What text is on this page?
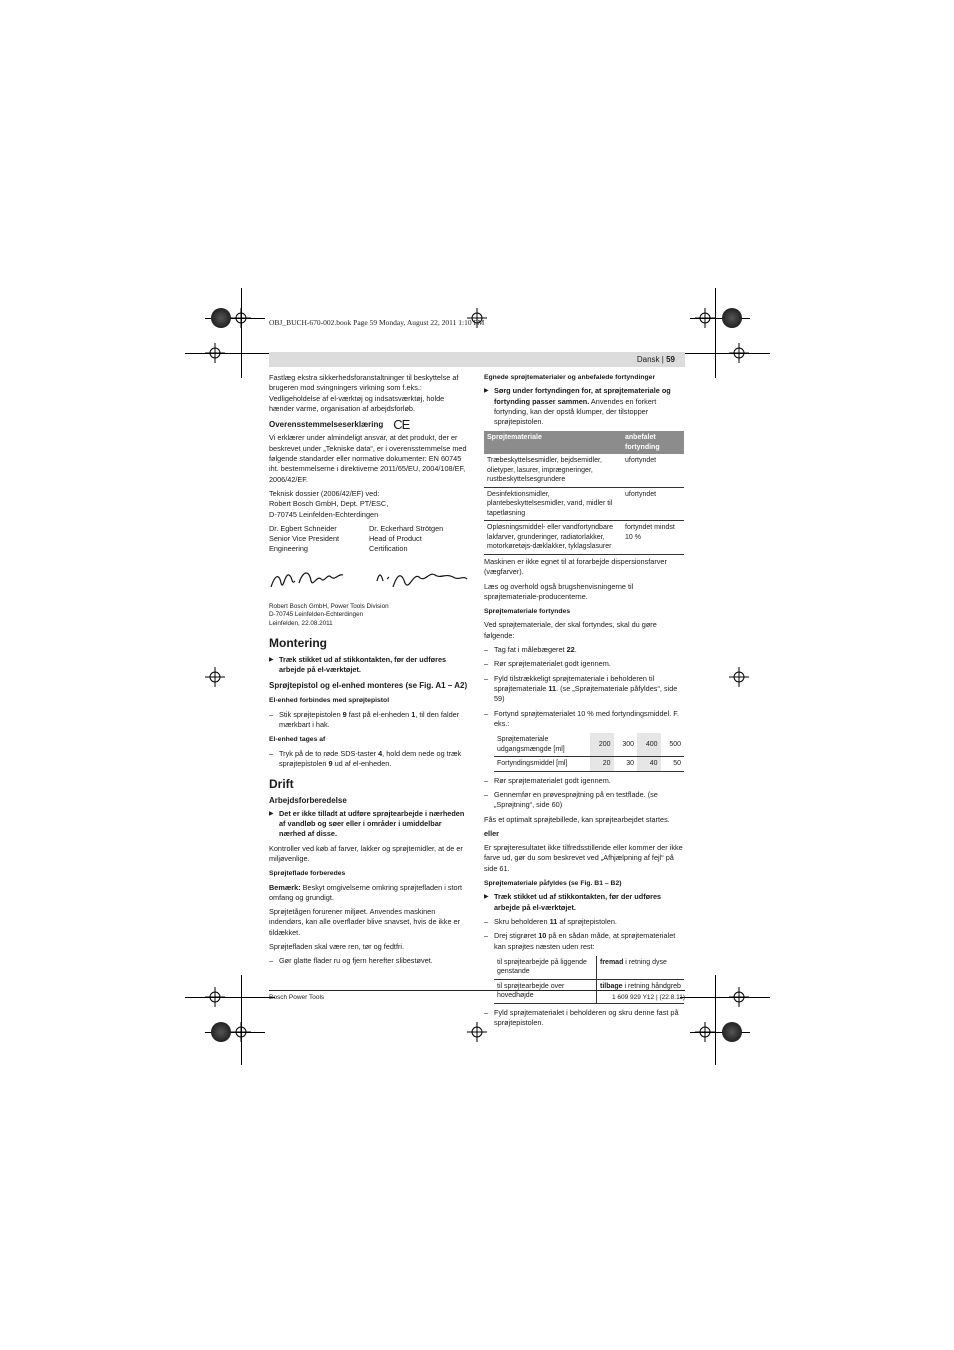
OBJ_BUCH-670-002.book Page 59 Monday, August 22, 2011 1:10 PM
Dansk | 59

Fastlæg ekstra sikkerhedsforanstaltninger til beskyttelse af brugeren mod svingningers virkning som f.eks.: Vedligeholdelse af el-værktøj og indsatsværktøj, holde hænder varme, organisation af arbejdsforløb.

Overensstemmelseserklæring CE

Vi erklærer under almindeligt ansvar, at det produkt, der er beskrevet under „Tekniske data“, er i overensstemmelse med følgende standarder eller normative dokumenter: EN 60745 iht. bestemmelserne i direktiverne 2011/65/EU, 2004/108/EF, 2006/42/EF.

Teknisk dossier (2006/42/EF) ved:
Robert Bosch GmbH, Dept. PT/ESC,
D-70745 Leinfelden-Echterdingen
Dr. Egbert Schneider	Dr. Eckerhard Strötgen
Senior Vice President	Head of Product
Engineering	Certification
Robert Bosch GmbH, Power Tools Division
D-70745 Leinfelden-Echterdingen
Leinfelden, 22.08.2011
Montering

▶ Træk stikket ud af stikkontakten, før der udføres arbejde på el-værktøjet.

Sprøjtepistol og el-enhed monteres (se Fig. A1 – A2)
El-enhed forbindes med sprøjtepistol

– Stik sprøjtepistolen 9 fast på el-enheden 1, til den falder mærkbart i hak.

El-enhed tages af

– Tryk på de to røde SDS-taster 4, hold dem nede og træk sprøjtepistolen 9 ud af el-enheden.

Drift
Arbejdsforberedelse

▶ Det er ikke tilladt at udføre sprøjtearbejde i nærheden af vandløb og søer eller i områder i umiddelbar nærhed af disse.

Kontroller ved køb af farver, lakker og sprøjtemidler, at de er miljøvenlige.

Sprøjteflade forberedes

Bemærk: Beskyt omgivelserne omkring sprøjtefladen i stort omfang og grundigt.

Sprøjtetågen forurener miljøet. Anvendes maskinen indendørs, kan alle overflader blive snavset, hvis de ikke er tildækket.

Sprøjtefladen skal være ren, tør og fedtfri.

– Gør glatte flader ru og fjern herefter slibestøvet.

Egnede sprøjtematerialer og anbefalede fortyndinger

▶ Sørg under fortyndingen for, at sprøjtemateriale og fortynding passer sammen. Anvendes en forkert fortynding, kan der opstå klumper, der tilstopper sprøjtepistolen.

Sprøjtemateriale	anbefalet fortynding
Træbeskyttelsesmidler, bejdsemidler, olietyper, lasurer, imprægneringer, rustbeskyttelsesgrundere	ufortyndet
Desinfektionsmidler, plantebeskyttelsesmidler, vand, midler til tapetløsning	ufortyndet
Opløsningsmiddel- eller vandfortyndbare lakfarver, grunderinger, radiatorlakker, motorkøretøjs-dæklakker, tyklagslasurer	fortyndet mindst 10 %

Maskinen er ikke egnet til at forarbejde dispersionsfarver (vægfarver).

Læs og overhold også brugshenvisningerne til sprøjtemateriale-producenterne.

Sprøjtemateriale fortyndes

Ved sprøjtemateriale, der skal fortyndes, skal du gøre følgende:

– Tag fat i målebægeret 22.

– Rør sprøjtematerialet godt igennem.

– Fyld tilstrækkeligt sprøjtemateriale i beholderen til sprøjtemateriale 11. (se „Sprøjtemateriale påfyldes“, side 59)

– Fortynd sprøjtematerialet 10 % med fortyndingsmiddel. F. eks.:

Sprøjtemateriale udgangsmængde [ml]	200	300	400	500
Fortyndingsmiddel [ml]	20	30	40	50

– Rør sprøjtematerialet godt igennem.

– Gennemfør en prøvesprøjtning på en testflade. (se „Sprøjtning“, side 60)

Fås et optimalt sprøjtebillede, kan sprøjtearbejdet startes.

eller

Er sprøjteresultatet ikke tilfredsstillende eller kommer der ikke farve ud, gør du som beskrevet ved „Afhjælpning af fejl“ på side 61.

Sprøjtemateriale påfyldes (se Fig. B1 – B2)

▶ Træk stikket ud af stikkontakten, før der udføres arbejde på el-værktøjet.

– Skru beholderen 11 af sprøjtepistolen.

– Drej stigrøret 10 på en sådan måde, at sprøjtematerialet kan sprøjtes næsten uden rest:

til sprøjtearbejde på liggende genstande	fremad i retning dyse
til sprøjtearbejde over hovedhøjde	tilbage i retning håndgreb

– Fyld sprøjtematerialet i beholderen og skru denne fast på sprøjtepistolen.

Bosch Power Tools	1 609 929 Y12 | (22.8.11)
